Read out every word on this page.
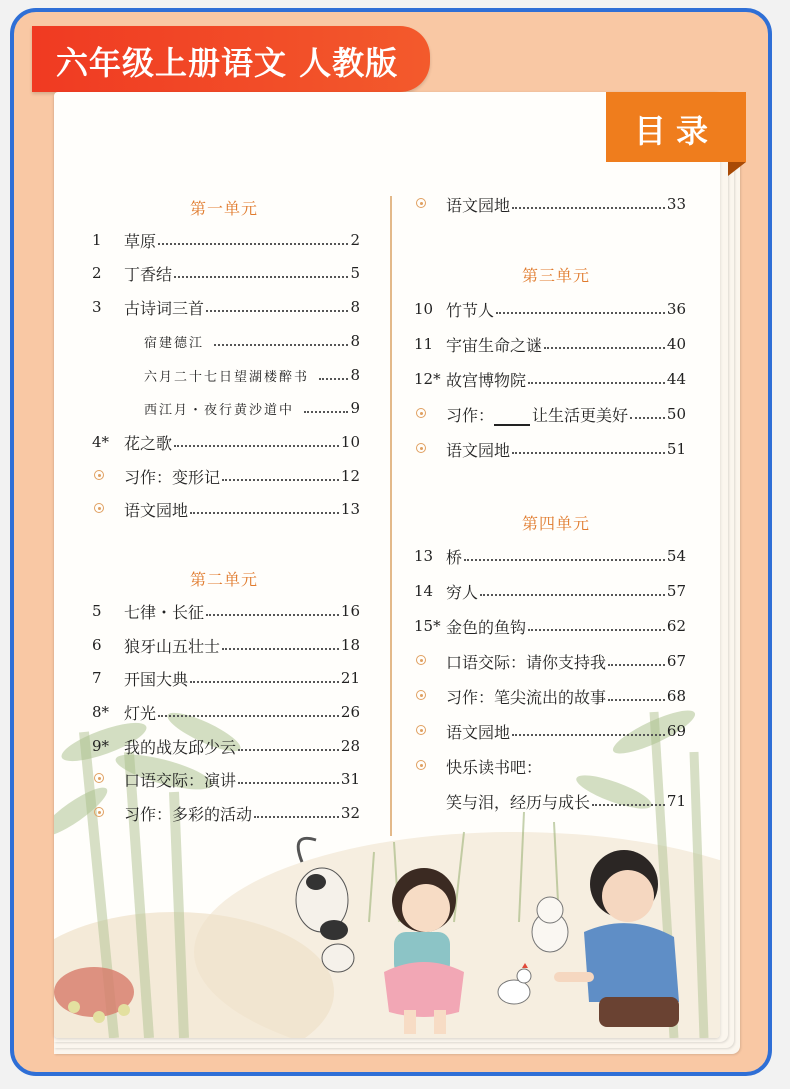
六年级上册语文 人教版
目录
第一单元
1	草原	2
2	丁香结	5
3	古诗词三首	8
宿建德江	8
六月二十七日望湖楼醉书	8
西江月・夜行黄沙道中	9
4* 花之歌	10
习作：变形记	12
语文园地	13
第二单元
5	七律・长征	16
6	狼牙山五壮士	18
7	开国大典	21
8* 灯光	26
9* 我的战友邱少云	28
口语交际：演讲	31
习作：多彩的活动	32
语文园地	33
第三单元
10 竹节人	36
11 宇宙生命之谜	40
12* 故宫博物院	44
习作： 让生活更美好	50
语文园地	51
第四单元
13 桥	54
14 穷人	57
15* 金色的鱼钩	62
口语交际：请你支持我	67
习作：笔尖流出的故事	68
语文园地	69
快乐读书吧：
笑与泪，经历与成长	71
